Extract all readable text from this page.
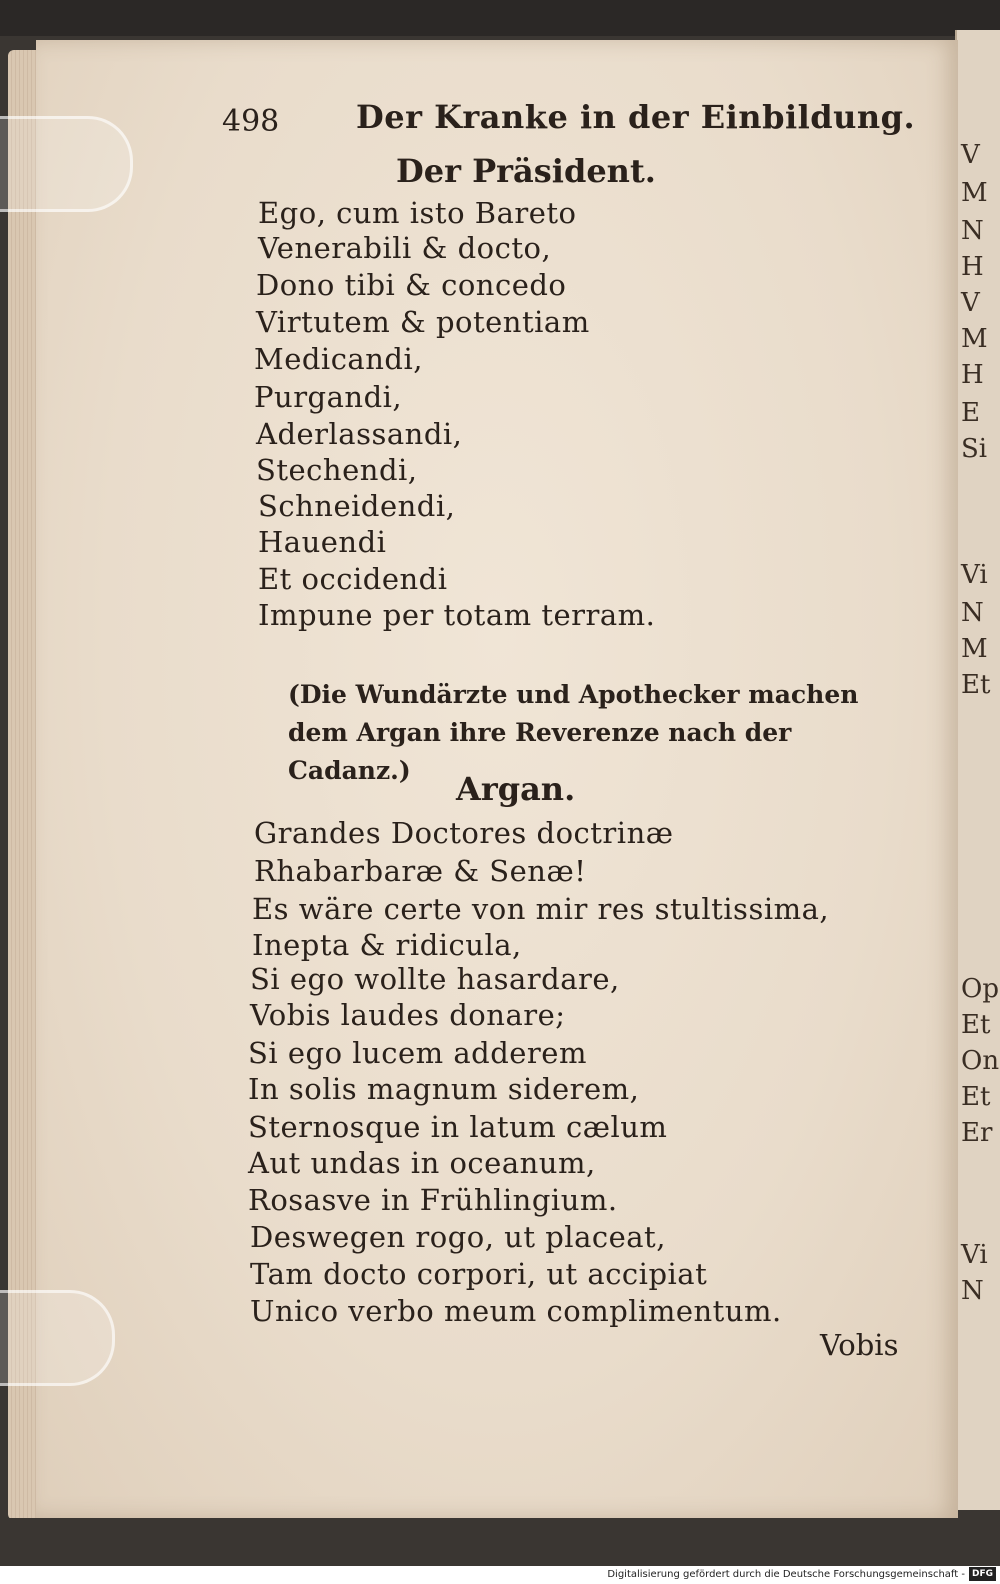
V
M
N
H
V
M
H
E
Si
Vi
N
M
Et
Op
Et
On
Et
Er
Vi
N
498 Der Kranke in der Einbildung.
Der Präsident.
Ego, cum isto Bareto
Venerabili & docto,
Dono tibi & concedo
Virtutem & potentiam
Medicandi,
Purgandi,
Aderlassandi,
Stechendi,
Schneidendi,
Hauendi
Et occidendi
Impune per totam terram.
(Die Wundärzte und Apothecker machen dem Argan ihre Reverenze nach der Cadanz.)	Argan.
Grandes Doctores doctrinæ
Rhabarbaræ & Senæ!
Es wäre certe von mir res stultissima,
Inepta & ridicula,
Si ego wollte hasardare,
Vobis laudes donare;
Si ego lucem adderem
In solis magnum siderem,
Sternosque in latum cælum
Aut undas in oceanum,
Rosasve in Frühlingium.
Deswegen rogo, ut placeat,
Tam docto corpori, ut accipiat
Unico verbo meum complimentum.
Vobis
Digitalisierung gefördert durch die Deutsche Forschungsgemeinschaft - DFG
